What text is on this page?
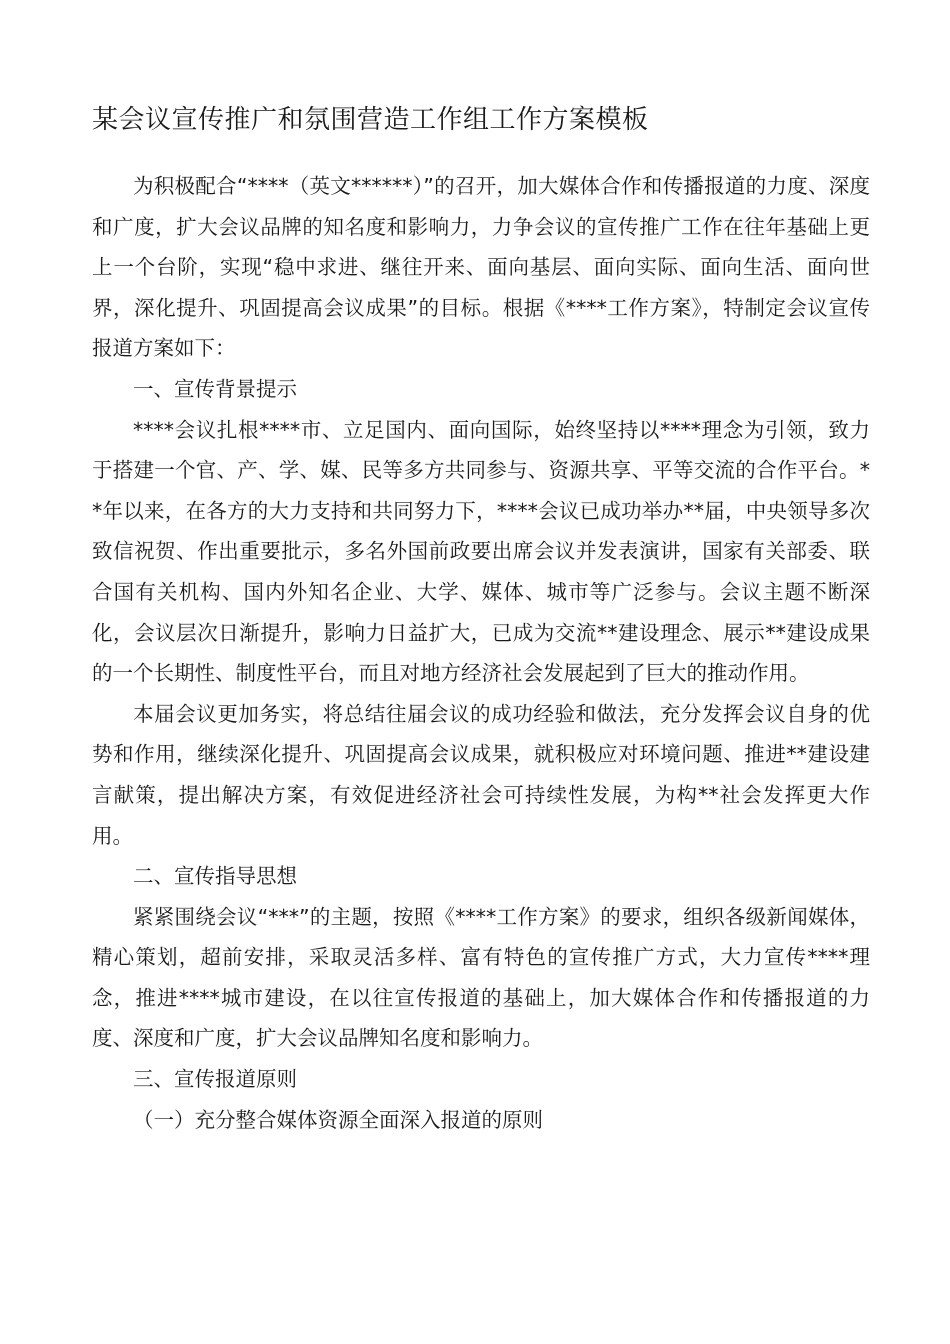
某会议宣传推广和氛围营造工作组工作方案模板

为积极配合“****（英文******）”的召开，加大媒体合作和传播报道的力度、深度和广度，扩大会议品牌的知名度和影响力，力争会议的宣传推广工作在往年基础上更上一个台阶，实现“稳中求进、继往开来、面向基层、面向实际、面向生活、面向世界，深化提升、巩固提高会议成果”的目标。根据《****工作方案》，特制定会议宣传报道方案如下：

一、宣传背景提示

****会议扎根****市、立足国内、面向国际，始终坚持以****理念为引领，致力于搭建一个官、产、学、媒、民等多方共同参与、资源共享、平等交流的合作平台。**年以来，在各方的大力支持和共同努力下，****会议已成功举办**届，中央领导多次致信祝贺、作出重要批示，多名外国前政要出席会议并发表演讲，国家有关部委、联合国有关机构、国内外知名企业、大学、媒体、城市等广泛参与。会议主题不断深化，会议层次日渐提升，影响力日益扩大，已成为交流**建设理念、展示**建设成果的一个长期性、制度性平台，而且对地方经济社会发展起到了巨大的推动作用。

本届会议更加务实，将总结往届会议的成功经验和做法，充分发挥会议自身的优势和作用，继续深化提升、巩固提高会议成果，就积极应对环境问题、推进**建设建言献策，提出解决方案，有效促进经济社会可持续性发展，为构**社会发挥更大作用。

二、宣传指导思想

紧紧围绕会议“***”的主题，按照《****工作方案》的要求，组织各级新闻媒体，精心策划，超前安排，采取灵活多样、富有特色的宣传推广方式，大力宣传****理念，推进****城市建设，在以往宣传报道的基础上，加大媒体合作和传播报道的力度、深度和广度，扩大会议品牌知名度和影响力。

三、宣传报道原则

（一）充分整合媒体资源全面深入报道的原则
